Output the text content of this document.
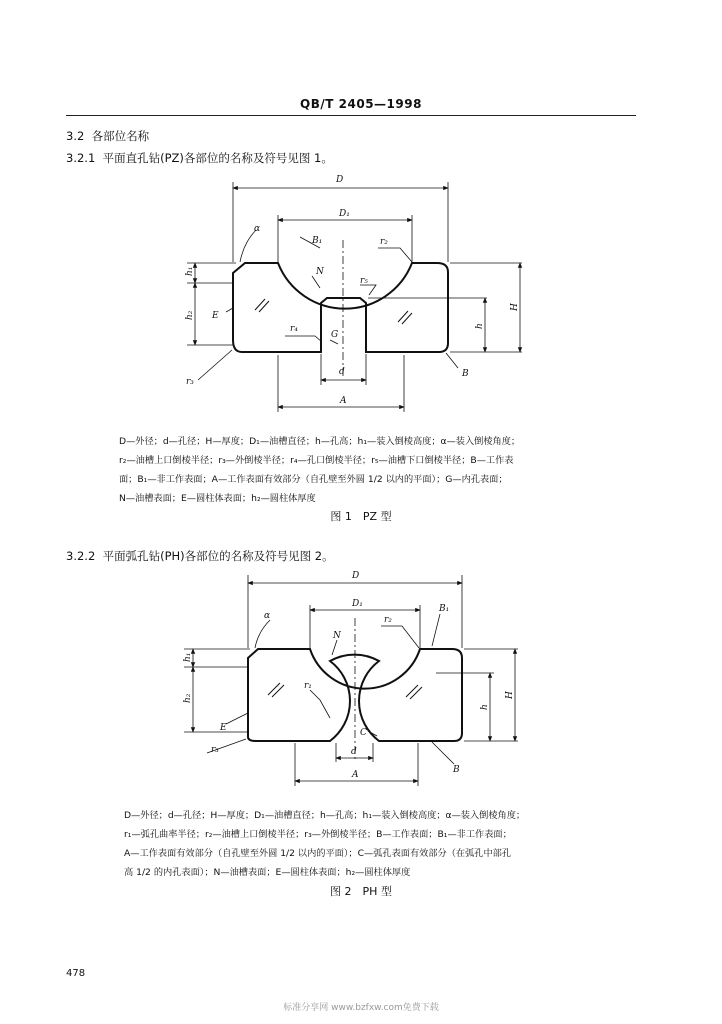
QB/T 2405—1998
3.2 各部位名称
3.2.1 平面直孔钻(PZ)各部位的名称及符号见图 1。
D
D₁
α
B₁	r₂
N
r₅
E
r₄
G
d
A
r₃
B
h₁
h₂
h
H
D—外径；d—孔径；H—厚度；D₁—油槽直径；h—孔高；h₁—装入倒棱高度；α—装入倒棱角度；
r₂—油槽上口倒棱半径；r₃—外倒棱半径；r₄—孔口倒棱半径；r₅—油槽下口倒棱半径；B—工作表
面；B₁—非工作表面；A—工作表面有效部分（自孔壁至外圆 1/2 以内的平面）；G—内孔表面；
N—油槽表面；E—圆柱体表面；h₂—圆柱体厚度
图 1　PZ 型
3.2.2 平面弧孔钻(PH)各部位的名称及符号见图 2。
D
D₁
α
B₁
r₂
N
r₁
E
r₃
C
d
A	B
h₁
h₂
h
H
D—外径；d—孔径；H—厚度；D₁—油槽直径；h—孔高；h₁—装入倒棱高度；α—装入倒棱角度；
r₁—弧孔曲率半径；r₂—油槽上口倒棱半径；r₃—外倒棱半径；B—工作表面；B₁—非工作表面；
A—工作表面有效部分（自孔壁至外圆 1/2 以内的平面）；C—弧孔表面有效部分（在弧孔中部孔
高 1/2 的内孔表面）；N—油槽表面；E—圆柱体表面；h₂—圆柱体厚度
图 2　PH 型
478
标准分享网 www.bzfxw.com免费下载
